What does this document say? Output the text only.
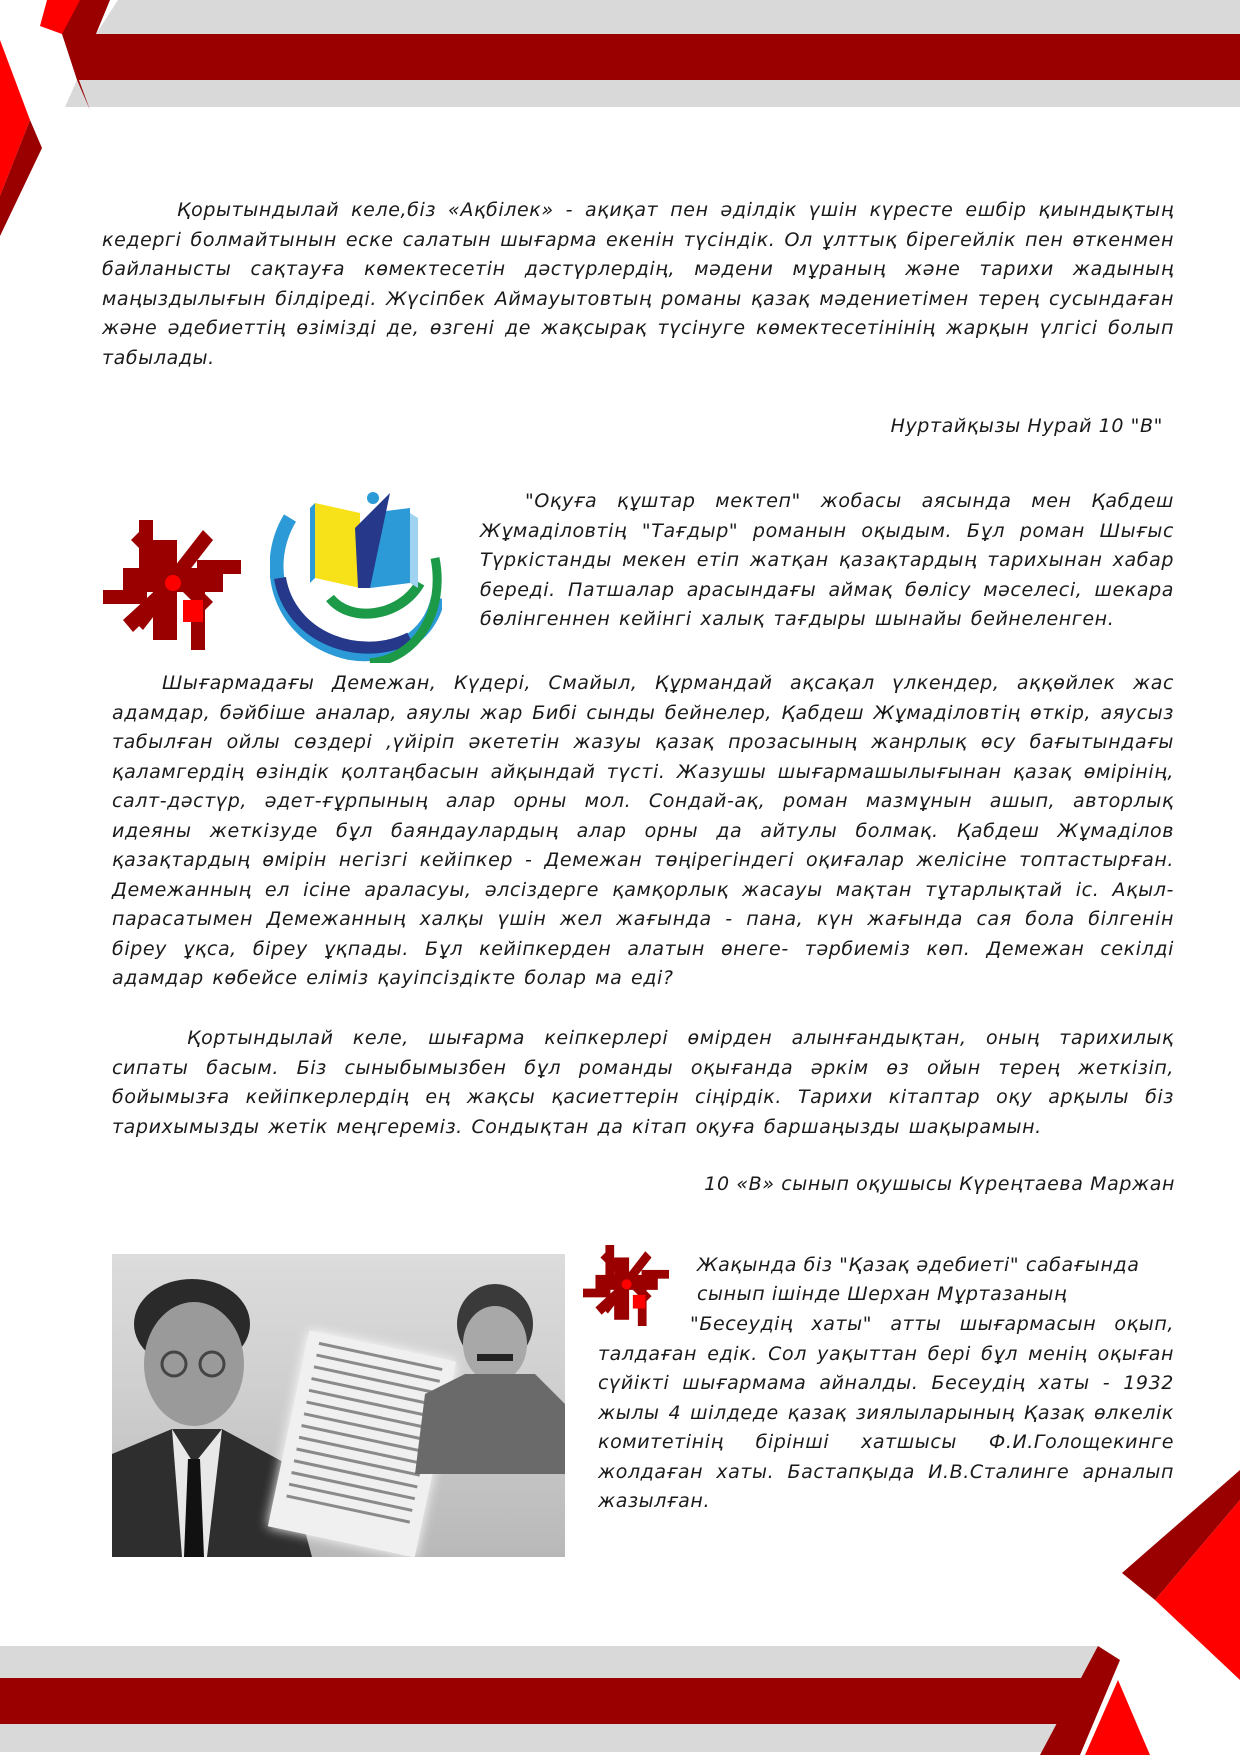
Қорытындылай келе,біз «Ақбілек» - ақиқат пен әділдік үшін күресте ешбір қиындықтың кедергі болмайтынын еске салатын шығарма екенін түсіндік. Ол ұлттық бірегейлік пен өткенмен байланысты сақтауға көмектесетін дәстүрлердің, мәдени мұраның және тарихи жадының маңыздылығын білдіреді. Жүсіпбек Аймауытовтың романы қазақ мәдениетімен терең сусындаған және әдебиеттің өзімізді де, өзгені де жақсырақ түсінуге көмектесетінінің жарқын үлгісі болып табылады.

Нуртайқызы Нурай 10 "В"

"Оқуға құштар мектеп" жобасы аясында мен Қабдеш Жұмаділовтің "Тағдыр" романын оқыдым. Бұл роман Шығыс Түркістанды мекен етіп жатқан қазақтардың тарихынан хабар береді. Патшалар арасындағы аймақ бөлісу мәселесі, шекара бөлінгеннен кейінгі халық тағдыры шынайы бейнеленген.

Шығармадағы Демежан, Күдері, Смайыл, Құрмандай ақсақал үлкендер, аққөйлек жас адамдар, бәйбіше аналар, аяулы жар Бибі сынды бейнелер, Қабдеш Жұмаділовтің өткір, аяусыз табылған ойлы сөздері ,үйіріп әкететін жазуы қазақ прозасының жанрлық өсу бағытындағы қаламгердің өзіндік қолтаңбасын айқындай түсті. Жазушы шығармашылығынан қазақ өмірінің, салт-дәстүр, әдет-ғұрпының алар орны мол. Сондай-ақ, роман мазмұнын ашып, авторлық идеяны жеткізуде бұл баяндаулардың алар орны да айтулы болмақ. Қабдеш Жұмаділов қазақтардың өмірін негізгі кейіпкер - Демежан төңірегіндегі оқиғалар желісіне топтастырған. Демежанның ел ісіне араласуы, әлсіздерге қамқорлық жасауы мақтан тұтарлықтай іс. Ақыл-парасатымен Демежанның халқы үшін жел жағында - пана, күн жағында сая бола білгенін біреу ұқса, біреу ұқпады. Бұл кейіпкерден алатын өнеге- тәрбиеміз көп. Демежан секілді адамдар көбейсе еліміз қауіпсіздікте болар ма еді?

Қортындылай келе, шығарма кеіпкерлері өмірден алынғандықтан, оның тарихилық сипаты басым. Біз сыныбымызбен бұл романды оқығанда әркім өз ойын терең жеткізіп, бойымызға кейіпкерлердің ең жақсы қасиеттерін сіңірдік. Тарихи кітаптар оқу арқылы біз тарихымызды жетік меңгереміз. Сондықтан да кітап оқуға баршаңызды шақырамын.

10 «В» сынып оқушысы Күреңтаева Маржан
Жақында біз "Қазақ әдебиеті" сабағында
сынып ішінде Шерхан Мұртазаның

"Бесеудің хаты" атты шығармасын оқып, талдаған едік. Сол уақыттан бері бұл менің оқыған сүйікті шығармама айналды. Бесеудің хаты - 1932 жылы 4 шілдеде қазақ зиялыларының Қазақ өлкелік комитетінің бірінші хатшысы Ф.И.Голощекинге жолдаған хаты. Бастапқыда И.В.Сталинге арналып жазылған.
